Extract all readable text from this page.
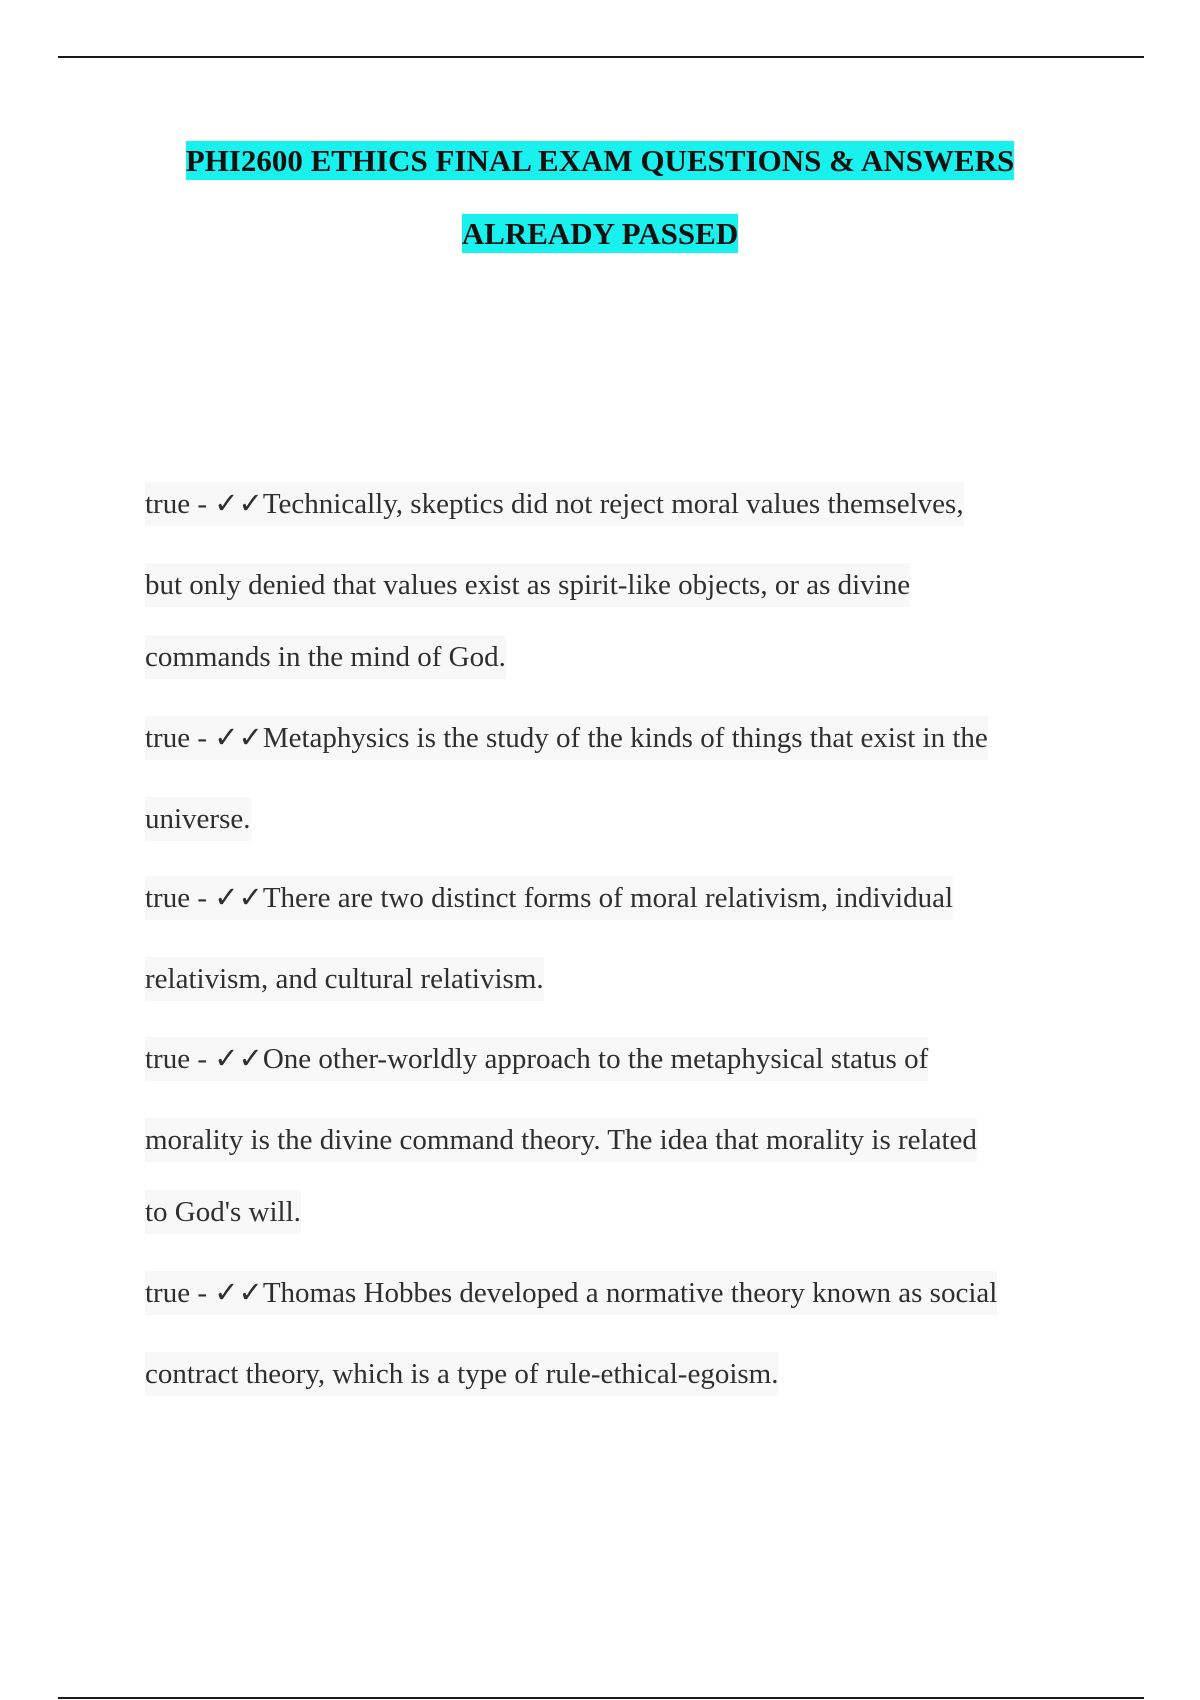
PHI2600 ETHICS FINAL EXAM QUESTIONS & ANSWERS
ALREADY PASSED
true - ✓✓Technically, skeptics did not reject moral values themselves,
but only denied that values exist as spirit-like objects, or as divine
commands in the mind of God.
true - ✓✓Metaphysics is the study of the kinds of things that exist in the
universe.
true - ✓✓There are two distinct forms of moral relativism, individual
relativism, and cultural relativism.
true - ✓✓One other-worldly approach to the metaphysical status of
morality is the divine command theory. The idea that morality is related
to God's will.
true - ✓✓Thomas Hobbes developed a normative theory known as social
contract theory, which is a type of rule-ethical-egoism.
